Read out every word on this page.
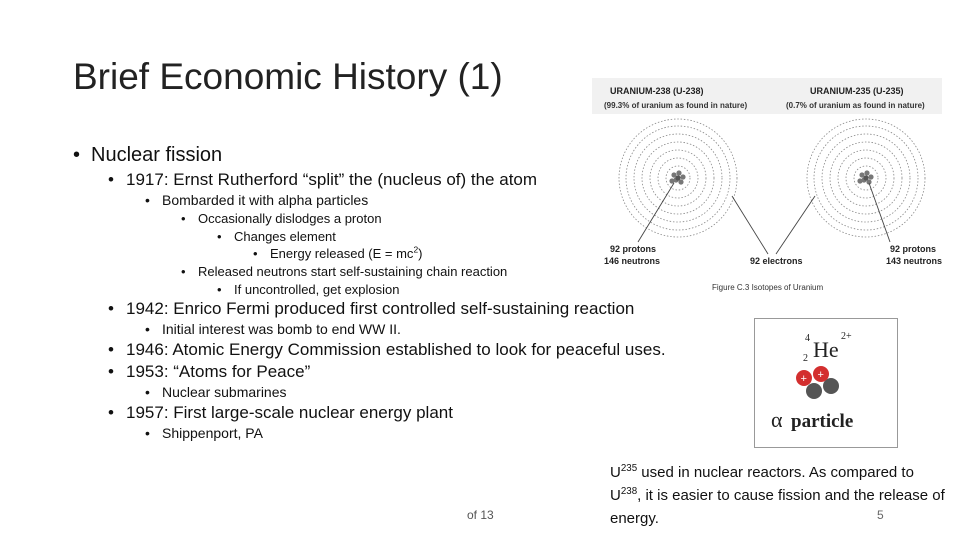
Brief Economic History (1)
• Nuclear fission
• 1917: Ernst Rutherford “split” the (nucleus of) the atom
• Bombarded it with alpha particles
• Occasionally dislodges a proton
• Changes element
• Energy released $(E = mc^2)$
• Released neutrons start self-sustaining chain reaction
• If uncontrolled, get explosion
• 1942: Enrico Fermi produced first controlled self-sustaining reaction
• Initial interest was bomb to end WW II.
• 1946: Atomic Energy Commission established to look for peaceful uses.
• 1953: “Atoms for Peace”
• Nuclear submarines
• 1957: First large-scale nuclear energy plant
• Shippenport, PA
URANIUM-238 (U-238)
(99.3% of uranium as found in nature)
URANIUM-235 (U-235)
(0.7% of uranium as found in nature)
92 protons
146 neutrons	92 electrons
92 protons
143 neutrons
Figure C.3 Isotopes of Uranium
4
2 He
2+
+ +
α particle
of 13
$U^{235}$ used in nuclear reactors. As compared to $U^{238}$, it is easier to cause fission and the release of energy.	5
